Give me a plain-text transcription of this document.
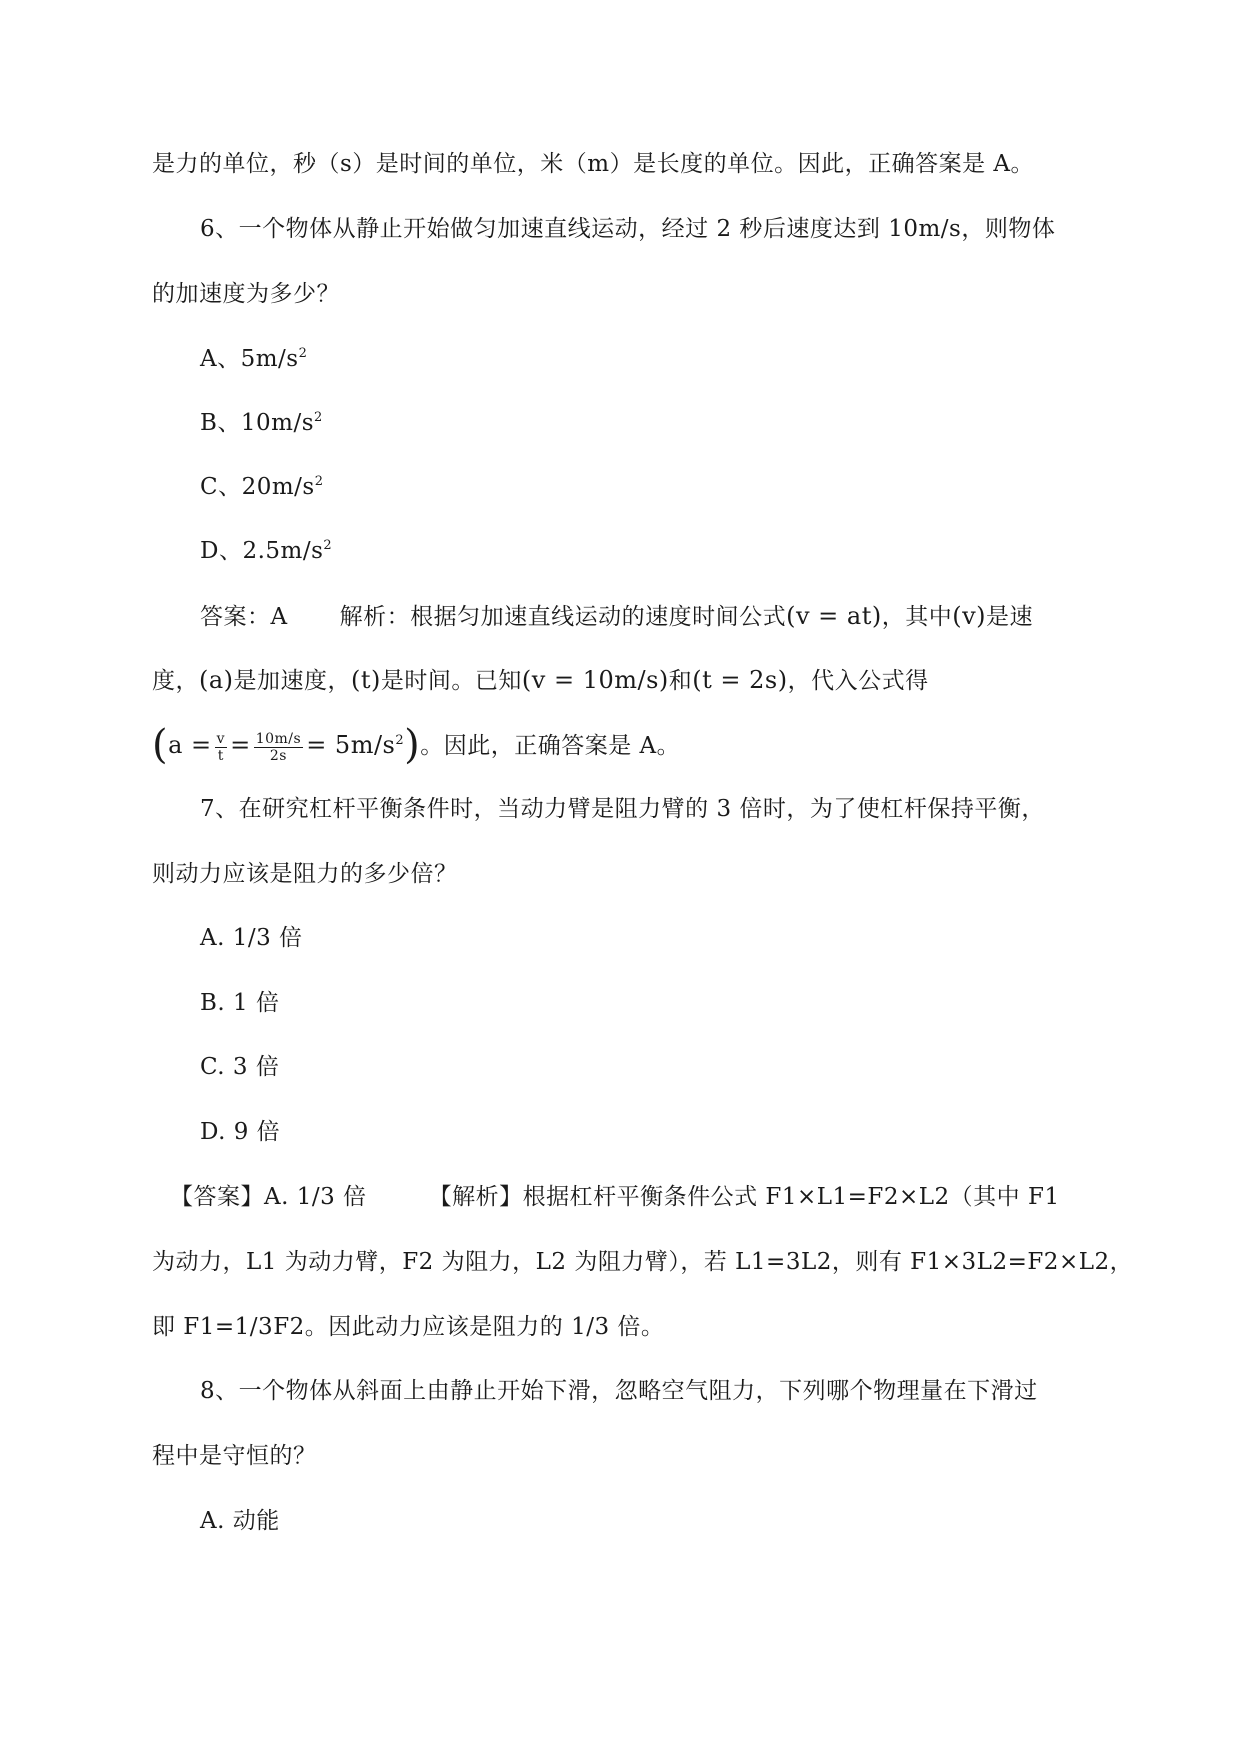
是力的单位，秒（s）是时间的单位，米（m）是长度的单位。因此，正确答案是 A。
6、一个物体从静止开始做匀加速直线运动，经过 2 秒后速度达到 10m/s，则物体
的加速度为多少？
A、$5m/s^2$
B、$10m/s^2$
C、$20m/s^2$
D、$2.5m/s^2$
答案：A 解析：根据匀加速直线运动的速度时间公式(v = at)，其中(v)是速
度，(a)是加速度，(t)是时间。已知(v = 10m/s)和(t = 2s)，代入公式得
$(a = \frac{v}{t} = \frac{10m/s}{2s} = 5m/s^2)$。因此，正确答案是 A。
7、在研究杠杆平衡条件时，当动力臂是阻力臂的 3 倍时，为了使杠杆保持平衡，
则动力应该是阻力的多少倍？
A. 1/3 倍
B. 1 倍
C. 3 倍
D. 9 倍
【答案】A. 1/3 倍	【解析】根据杠杆平衡条件公式 F1×L1=F2×L2（其中 F1
为动力，L1 为动力臂，F2 为阻力，L2 为阻力臂），若 L1=3L2，则有 F1×3L2=F2×L2，
即 F1=1/3F2。因此动力应该是阻力的 1/3 倍。
8、一个物体从斜面上由静止开始下滑，忽略空气阻力，下列哪个物理量在下滑过
程中是守恒的？
A. 动能
